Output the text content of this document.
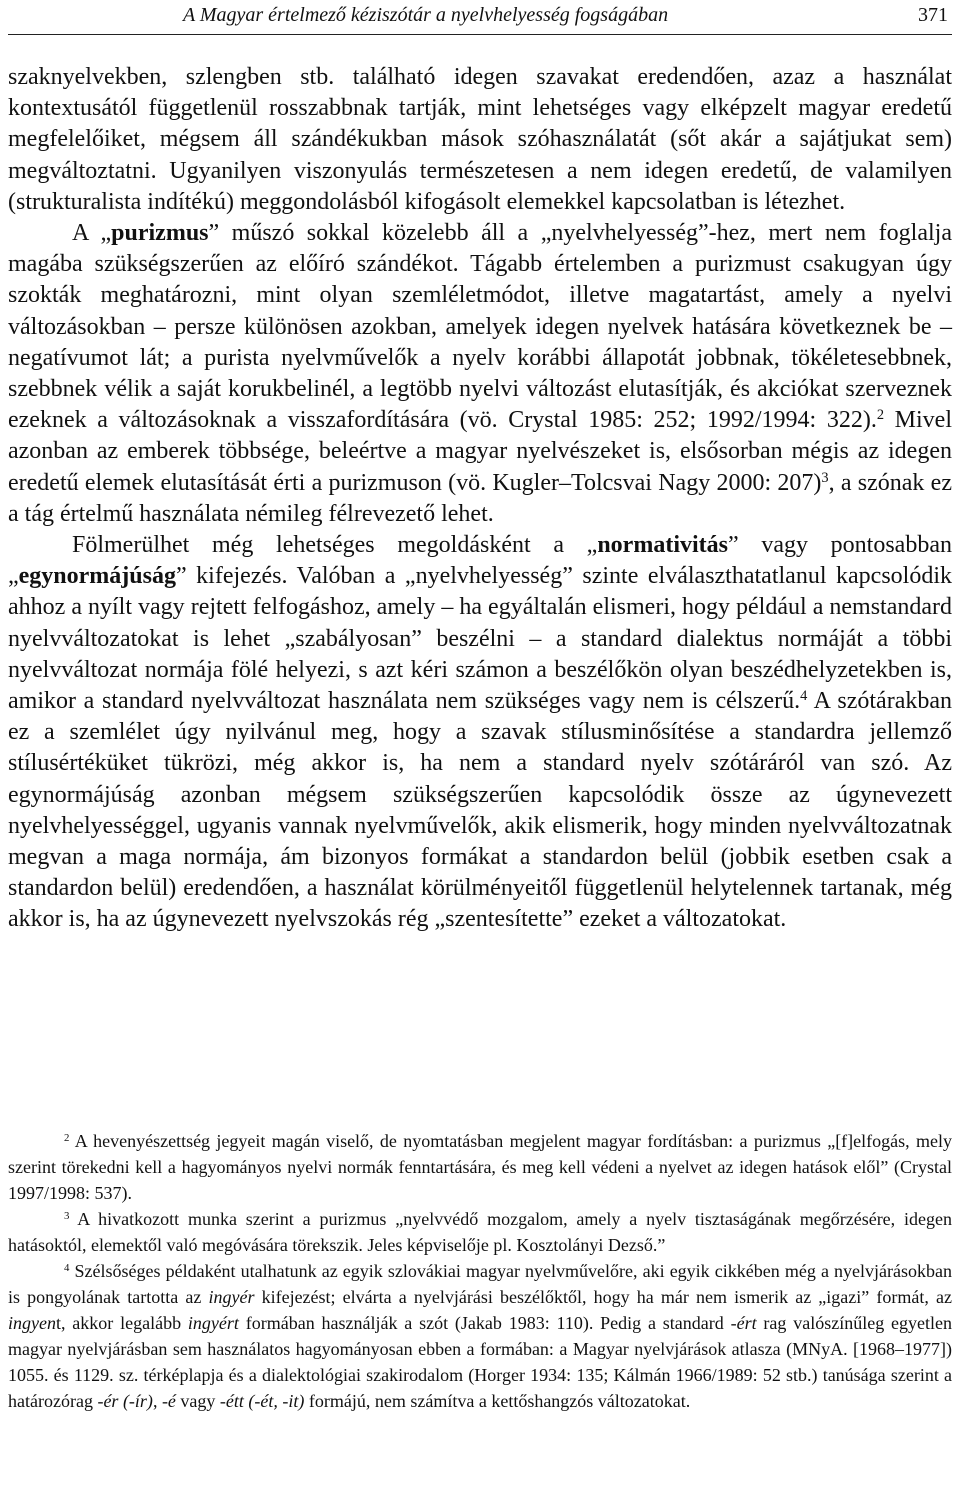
A Magyar értelmező kéziszótár a nyelvhelyesség fogságában	371

szaknyelvekben, szlengben stb. található idegen szavakat eredendően, azaz a használat kontextusától függetlenül rosszabbnak tartják, mint lehetséges vagy elképzelt magyar eredetű megfelelőiket, mégsem áll szándékukban mások szóhasználatát (sőt akár a sajátjukat sem) megváltoztatni. Ugyanilyen viszonyulás természetesen a nem idegen eredetű, de valamilyen (strukturalista indítékú) meggondolásból kifogásolt elemekkel kapcsolatban is létezhet.

A „purizmus” műszó sokkal közelebb áll a „nyelvhelyesség”-hez, mert nem foglalja magába szükségszerűen az előíró szándékot. Tágabb értelemben a purizmust csakugyan úgy szokták meghatározni, mint olyan szemléletmódot, illetve magatartást, amely a nyelvi változásokban – persze különösen azokban, amelyek idegen nyelvek hatására következnek be – negatívumot lát; a purista nyelvművelők a nyelv korábbi állapotát jobbnak, tökéletesebbnek, szebbnek vélik a saját korukbelinél, a legtöbb nyelvi változást elutasítják, és akciókat szerveznek ezeknek a változásoknak a visszafordítására (vö. Crystal 1985: 252; 1992/1994: 322).$^2$ Mivel azonban az emberek többsége, beleértve a magyar nyelvészeket is, elsősorban mégis az idegen eredetű elemek elutasítását érti a purizmuson (vö. Kugler–Tolcsvai Nagy 2000: 207)$^3$, a szónak ez a tág értelmű használata némileg félrevezető lehet.

Fölmerülhet még lehetséges megoldásként a „normativitás” vagy pontosabban „egynormájúság” kifejezés. Valóban a „nyelvhelyesség” szinte elválaszthatatlanul kapcsolódik ahhoz a nyílt vagy rejtett felfogáshoz, amely – ha egyáltalán elismeri, hogy például a nemstandard nyelvváltozatokat is lehet „szabályosan” beszélni – a standard dialektus normáját a többi nyelvváltozat normája fölé helyezi, s azt kéri számon a beszélőkön olyan beszédhelyzetekben is, amikor a standard nyelvváltozat használata nem szükséges vagy nem is célszerű.$^4$ A szótárakban ez a szemlélet úgy nyilvánul meg, hogy a szavak stílusminősítése a standardra jellemző stílusértéküket tükrözi, még akkor is, ha nem a standard nyelv szótáráról van szó. Az egynormájúság azonban mégsem szükségszerűen kapcsolódik össze az úgynevezett nyelvhelyességgel, ugyanis vannak nyelvművelők, akik elismerik, hogy minden nyelvváltozatnak megvan a maga normája, ám bizonyos formákat a standardon belül (jobbik esetben csak a standardon belül) eredendően, a használat körülményeitől függetlenül helytelennek tartanak, még akkor is, ha az úgynevezett nyelvszokás rég „szentesítette” ezeket a változatokat.

$^2$ A hevenyészettség jegyeit magán viselő, de nyomtatásban megjelent magyar fordításban: a purizmus „[f]elfogás, mely szerint törekedni kell a hagyományos nyelvi normák fenntartására, és meg kell védeni a nyelvet az idegen hatások elől” (Crystal 1997/1998: 537).

$^3$ A hivatkozott munka szerint a purizmus „nyelvvédő mozgalom, amely a nyelv tisztaságának megőrzésére, idegen hatásoktól, elemektől való megóvására törekszik. Jeles képviselője pl. Kosztolányi Dezső.”

$^4$ Szélsőséges példaként utalhatunk az egyik szlovákiai magyar nyelvművelőre, aki egyik cikkében még a nyelvjárásokban is pongyolának tartotta az ingyér kifejezést; elvárta a nyelvjárási beszélőktől, hogy ha már nem ismerik az „igazi” formát, az ingyent, akkor legalább ingyért formában használják a szót (Jakab 1983: 110). Pedig a standard -ért rag valószínűleg egyetlen magyar nyelvjárásban sem használatos hagyományosan ebben a formában: a Magyar nyelvjárások atlasza (MNyA. [1968–1977]) 1055. és 1129. sz. térképlapja és a dialektológiai szakirodalom (Horger 1934: 135; Kálmán 1966/1989: 52 stb.) tanúsága szerint a határozórag -ér (-ír), -é vagy -étt (-ét, -it) formájú, nem számítva a kettőshangzós változatokat.
